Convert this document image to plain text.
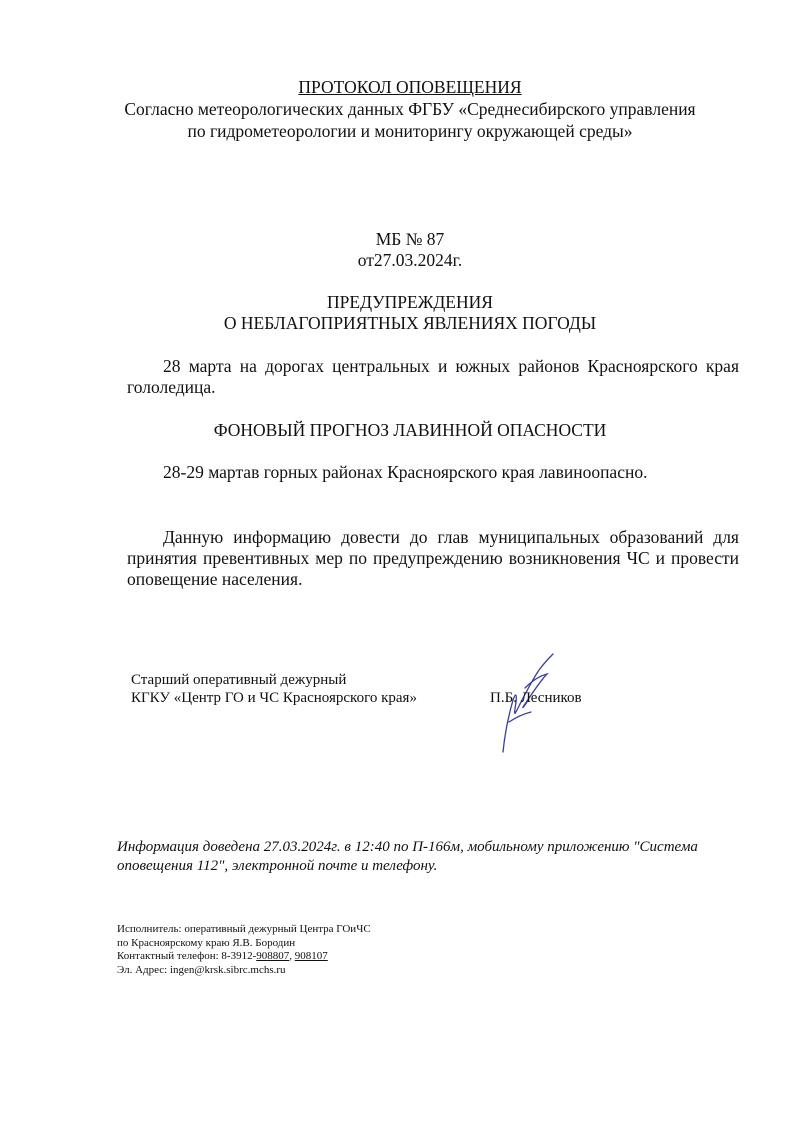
ПРОТОКОЛ ОПОВЕЩЕНИЯ

Согласно метеорологических данных ФГБУ «Среднесибирского управления

по гидрометеорологии и мониторингу окружающей среды»

МБ № 87

от27.03.2024г.

ПРЕДУПРЕЖДЕНИЯ

О НЕБЛАГОПРИЯТНЫХ ЯВЛЕНИЯХ ПОГОДЫ

28 марта на дорогах центральных и южных районов Красноярского края гололедица.

ФОНОВЫЙ ПРОГНОЗ ЛАВИННОЙ ОПАСНОСТИ

28-29 мартав горных районах Красноярского края лавиноопасно.

Данную информацию довести до глав муниципальных образований для принятия превентивных мер по предупреждению возникновения ЧС и провести оповещение населения.

Старший оперативный дежурный
КГКУ «Центр ГО и ЧС Красноярского края»	П.Б. Лесников

Информация доведена 27.03.2024г. в 12:40 по П-166м, мобильному приложению "Система оповещения 112", электронной почте и телефону.

Исполнитель: оперативный дежурный Центра ГОиЧС
по Красноярскому краю Я.В. Бородин
Контактный телефон: 8-3912-908807, 908107
Эл. Адрес: ingen@krsk.sibrc.mchs.ru
